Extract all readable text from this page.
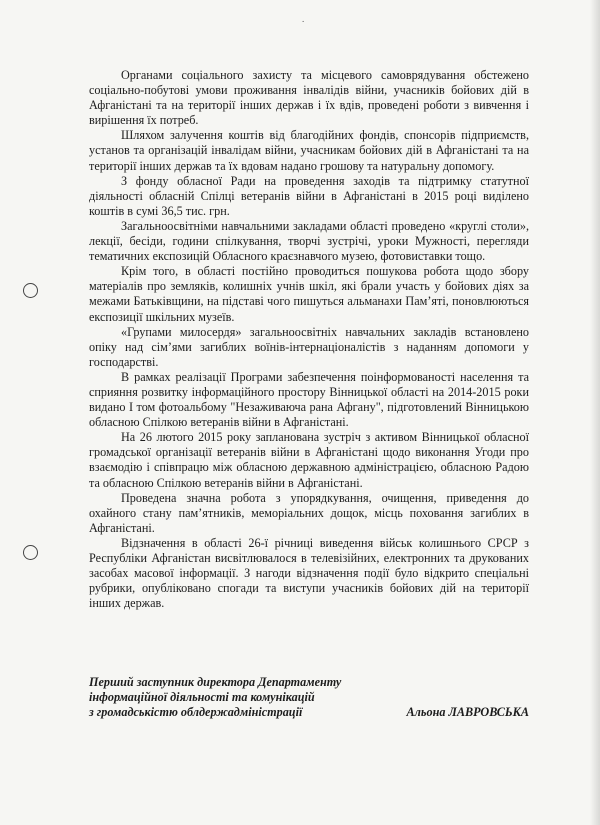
.

Органами соціального захисту та місцевого самоврядування обстежено соціально-побутові умови проживання інвалідів війни, учасників бойових дій в Афганістані та на території інших держав і їх вдів, проведені роботи з вивчення і вирішення їх потреб.

Шляхом залучення коштів від благодійних фондів, спонсорів підприємств, установ та організацій інвалідам війни, учасникам бойових дій в Афганістані та на території інших держав та їх вдовам надано грошову та натуральну допомогу.

З фонду обласної Ради на проведення заходів та підтримку статутної діяльності обласній Спілці ветеранів війни в Афганістані в 2015 році виділено коштів в сумі 36,5 тис. грн.

Загальноосвітніми навчальними закладами області проведено «круглі столи», лекції, бесіди, години спілкування, творчі зустрічі, уроки Мужності, перегляди тематичних експозицій Обласного краєзнавчого музею, фотовиставки тощо.

Крім того, в області постійно проводиться пошукова робота щодо збору матеріалів про земляків, колишніх учнів шкіл, які брали участь у бойових діях за межами Батьківщини, на підставі чого пишуться альманахи Пам’яті, поновлюються експозиції шкільних музеїв.

«Групами милосердя» загальноосвітніх навчальних закладів встановлено опіку над сім’ями загиблих воїнів-інтернаціоналістів з наданням допомоги у господарстві.

В рамках реалізації Програми забезпечення поінформованості населення та сприяння розвитку інформаційного простору Вінницької області на 2014-2015 роки видано І том фотоальбому "Незаживаюча рана Афгану", підготовлений Вінницькою обласною Спілкою ветеранів війни в Афганістані.

На 26 лютого 2015 року запланована зустріч з активом Вінницької обласної громадської організації ветеранів війни в Афганістані щодо виконання Угоди про взаємодію і співпрацю між обласною державною адміністрацією, обласною Радою та обласною Спілкою ветеранів війни в Афганістані.

Проведена значна робота з упорядкування, очищення, приведення до охайного стану пам’ятників, меморіальних дощок, місць поховання загиблих в Афганістані.

Відзначення в області 26-ї річниці виведення військ колишнього СРСР з Республіки Афганістан висвітлювалося в телевізійних, електронних та друкованих засобах масової інформації. З нагоди відзначення події було відкрито спеціальні рубрики, опубліковано спогади та виступи учасників бойових дій на території інших держав.

Перший заступник директора Департаменту
інформаційної діяльності та комунікацій
з громадськістю облдержадміністрації	Альона ЛАВРОВСЬКА
